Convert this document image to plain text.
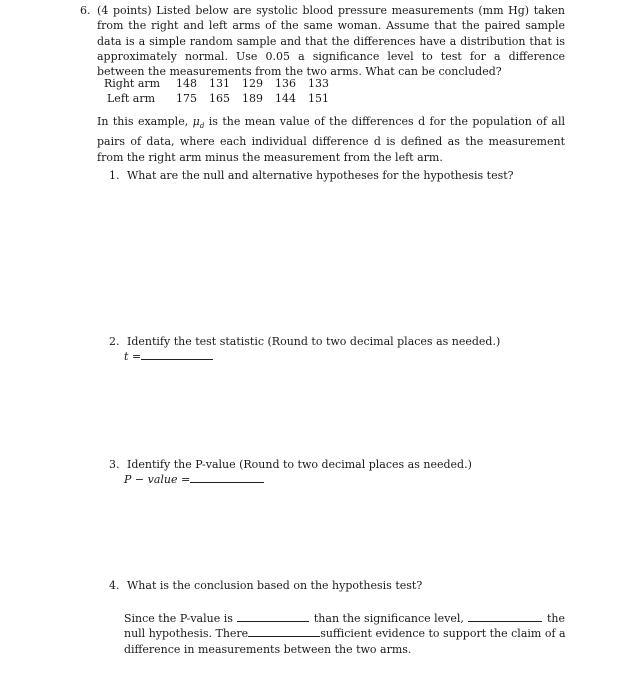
6. (4 points) Listed below are systolic blood pressure measurements (mm Hg) taken from the right and left arms of the same woman. Assume that the paired sample data is a simple random sample and that the differences have a distribution that is approximately normal. Use 0.05 a significance level to test for a difference between the measurements from the two arms. What can be concluded?
Right arm	148	131	129	136	133
Left arm	175	165	189	144	151
In this example, $\mu_d$ is the mean value of the differences d for the population of all pairs of data, where each individual difference d is defined as the measurement from the right arm minus the measurement from the left arm.
1. What are the null and alternative hypotheses for the hypothesis test?
2. Identify the test statistic (Round to two decimal places as needed.)
t =
3. Identify the P-value (Round to two decimal places as needed.)
P − value =
4. What is the conclusion based on the hypothesis test?
Since the P-value is	than the significance level,	the
null hypothesis. There	sufficient evidence to support the claim of a
difference in measurements between the two arms.
